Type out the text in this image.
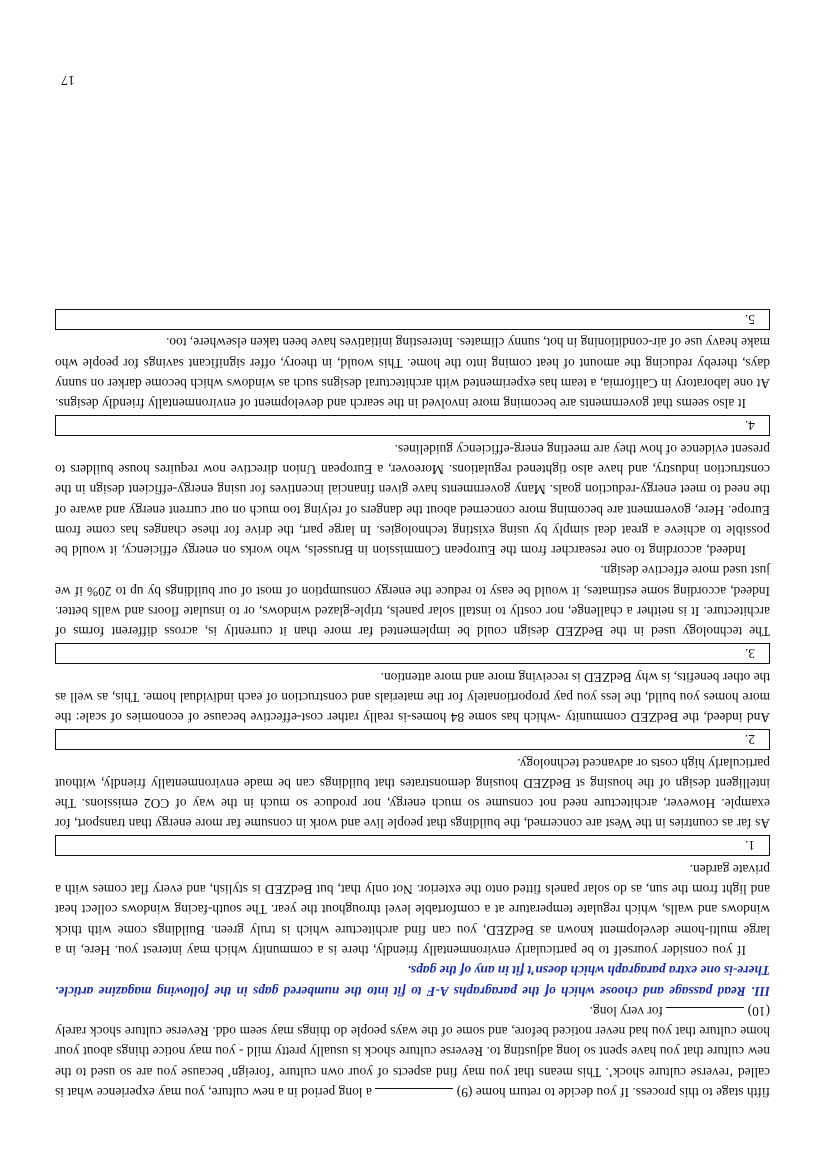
fifth stage to this process. If you decide to return home (9)  a long period in a new culture, you may experience what is called ‘reverse culture shock’. This means that you may find aspects of your own culture ‘foreign’ because you are so used to the new culture that you have spent so long adjusting to. Reverse culture shock is usually pretty mild - you may notice things about your home culture that you had never noticed before, and some of the ways people do things may seem odd. Reverse culture shock rarely (10)  for very long.

III. Read passage and choose which of the paragraphs A-F to fit into the numbered gaps in the following magazine article. There-is one extra paragraph which doesn’t fit in any of the gaps.

If you consider yourself to be particularly environmentally friendly, there is a community which may interest you. Here, in a large multi-home development known as BedZED, you can find architecture which is truly green. Buildings come with thick windows and walls, which regulate temperature at a comfortable level throughout the year. The south-facing windows collect heat and light from the sun, as do solar panels fitted onto the exterior. Not only that, but BedZED is stylish, and every flat comes with a private garden.

1.

As far as countries in the West are concerned, the buildings that people live and work in consume far more energy than transport, for example. However, architecture need not consume so much energy, nor produce so much in the way of CO2 emissions. The intelligent design of the housing st BedZED housing demonstrates that buildings can be made environmentally friendly, without particularly high costs or advanced technology.

2.

And indeed, the BedZED community -which has some 84 homes-is really rather cost-effective because of economies of scale: the more homes you build, the less you pay proportionately for the materials and construction of each individual home. This, as well as the other benefits, is why BedZED is receiving more and more attention.

3.

The technology used in the BedZED design could be implemented far more than it currently is, across different forms of architecture. It is neither a challenge, nor costly to install solar panels, triple-glazed windows, or to insulate floors and walls better. Indeed, according some estimates, it would be easy to reduce the energy consumption of most of our buildings by up to 20% if we just used more effective design.

Indeed, according to one researcher from the European Commission in Brussels, who works on energy efficiency, it would be possible to achieve a great deal simply by using existing technologies. In large part, the drive for these changes has come from Europe. Here, government are becoming more concerned about the dangers of relying too much on our current energy and aware of the need to meet energy-reduction goals. Many governments have given financial incentives for using energy-efficient design in the construction industry, and have also tightened regulations. Moreover, a European Union directive now requires house builders to present evidence of how they are meeting energ-efficiency guidelines.

4.

It also seems that governments are becoming more involved in the search and development of environmentally friendly designs. At one laboratory in California, a team has experimented with architectural designs such as windows which become darker on sunny days, thereby reducing the amount of heat coming into the home. This would, in theory, offer significant savings for people who make heavy use of air-conditioning in hot, sunny climates. Interesting initiatives have been taken elsewhere, too.

5.
17
